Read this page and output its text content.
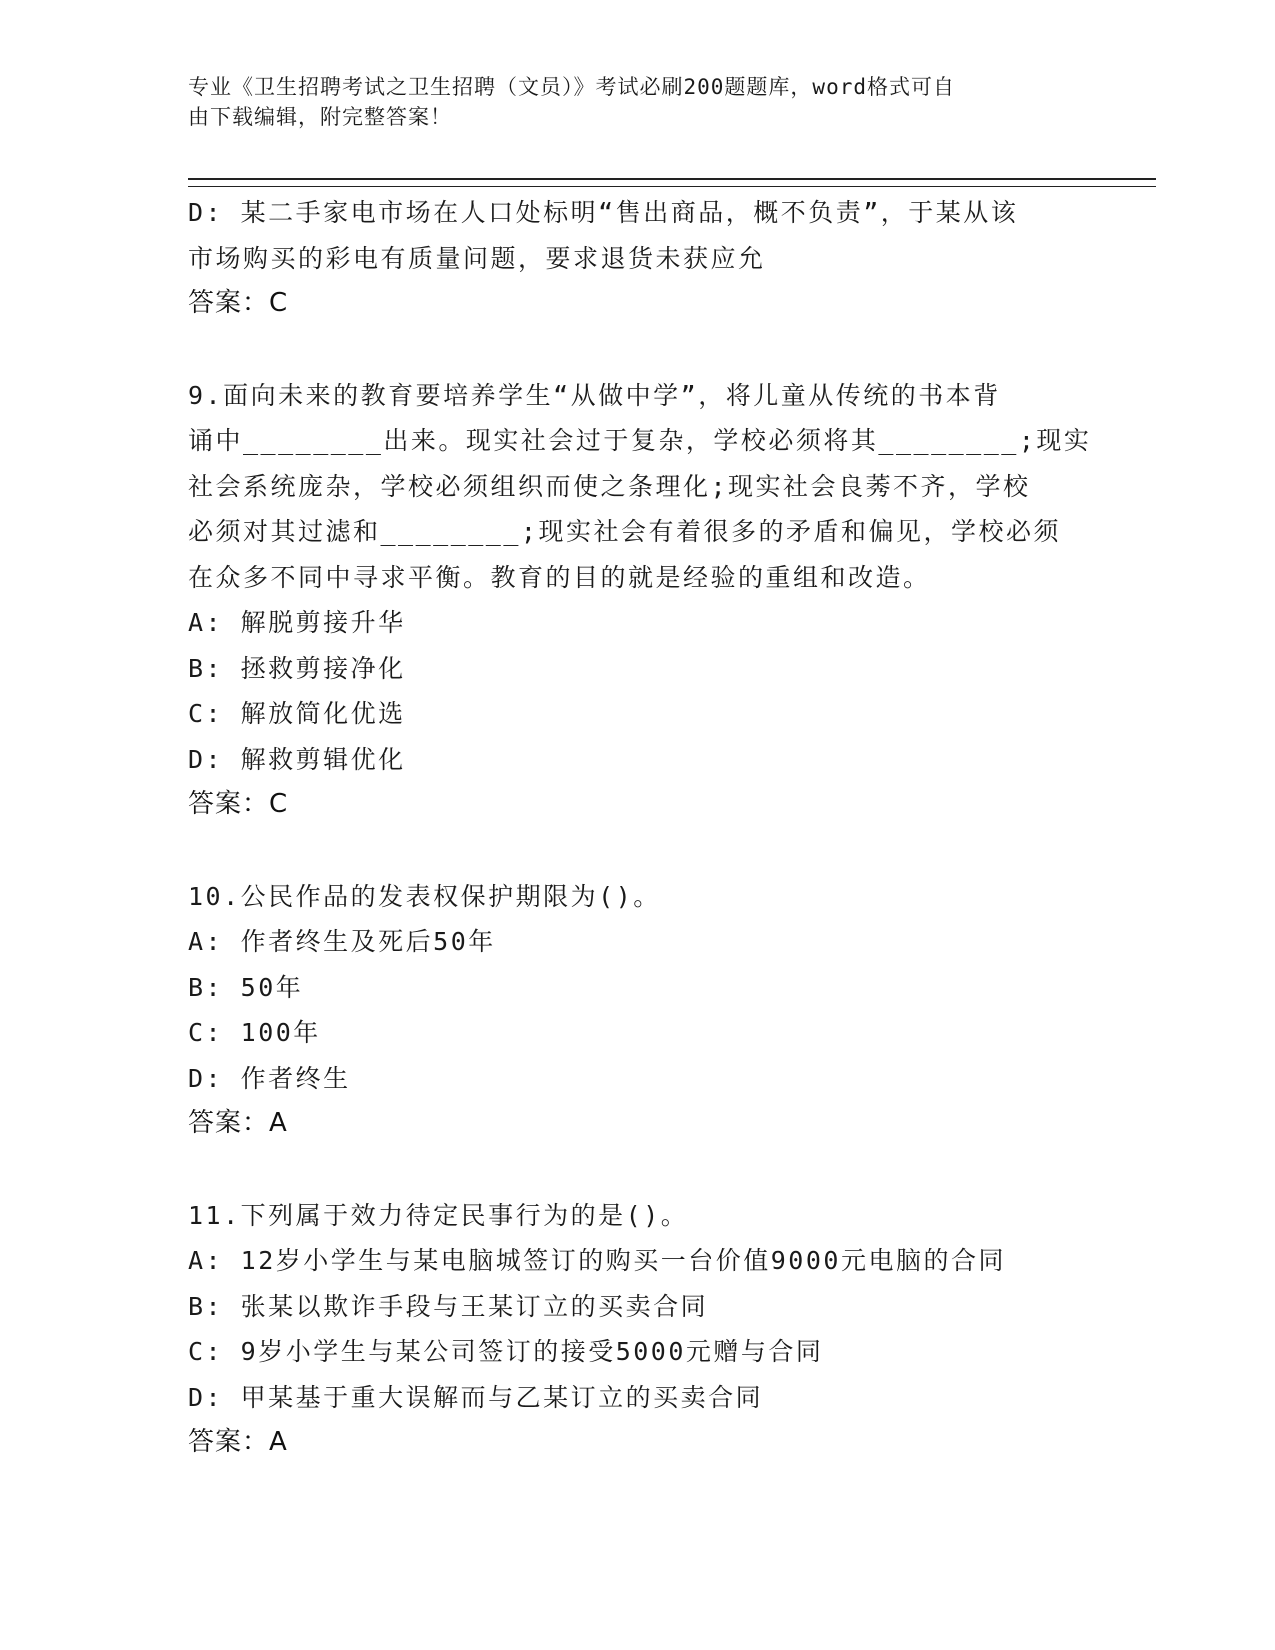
专业《卫生招聘考试之卫生招聘（文员）》考试必刷200题题库，word格式可自
由下载编辑，附完整答案！
D: 某二手家电市场在人口处标明“售出商品，概不负责”，于某从该
市场购买的彩电有质量问题，要求退货未获应允
答案：C
9.面向未来的教育要培养学生“从做中学”，将儿童从传统的书本背
诵中________出来。现实社会过于复杂，学校必须将其________;现实
社会系统庞杂，学校必须组织而使之条理化;现实社会良莠不齐，学校
必须对其过滤和________;现实社会有着很多的矛盾和偏见，学校必须
在众多不同中寻求平衡。教育的目的就是经验的重组和改造。
A: 解脱剪接升华
B: 拯救剪接净化
C: 解放简化优选
D: 解救剪辑优化
答案：C
10.公民作品的发表权保护期限为()。
A: 作者终生及死后50年
B: 50年
C: 100年
D: 作者终生
答案：A
11.下列属于效力待定民事行为的是()。
A: 12岁小学生与某电脑城签订的购买一台价值9000元电脑的合同
B: 张某以欺诈手段与王某订立的买卖合同
C: 9岁小学生与某公司签订的接受5000元赠与合同
D: 甲某基于重大误解而与乙某订立的买卖合同
答案：A
